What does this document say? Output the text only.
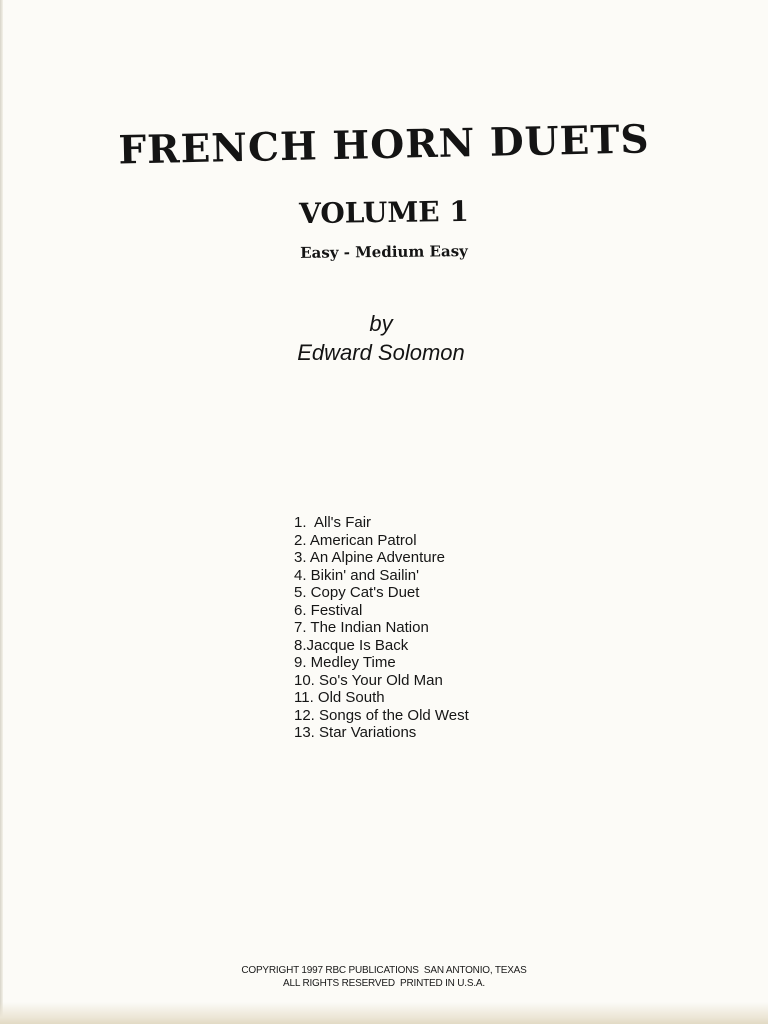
FRENCH HORN DUETS
VOLUME 1
Easy - Medium Easy
by
Edward Solomon
1.  All's Fair
2. American Patrol
3. An Alpine Adventure
4. Bikin' and Sailin'
5. Copy Cat's Duet
6. Festival
7. The Indian Nation
8.Jacque Is Back
9. Medley Time
10. So's Your Old Man
11. Old South
12. Songs of the Old West
13. Star Variations
COPYRIGHT 1997 RBC PUBLICATIONS  SAN ANTONIO, TEXAS
ALL RIGHTS RESERVED  PRINTED IN U.S.A.
